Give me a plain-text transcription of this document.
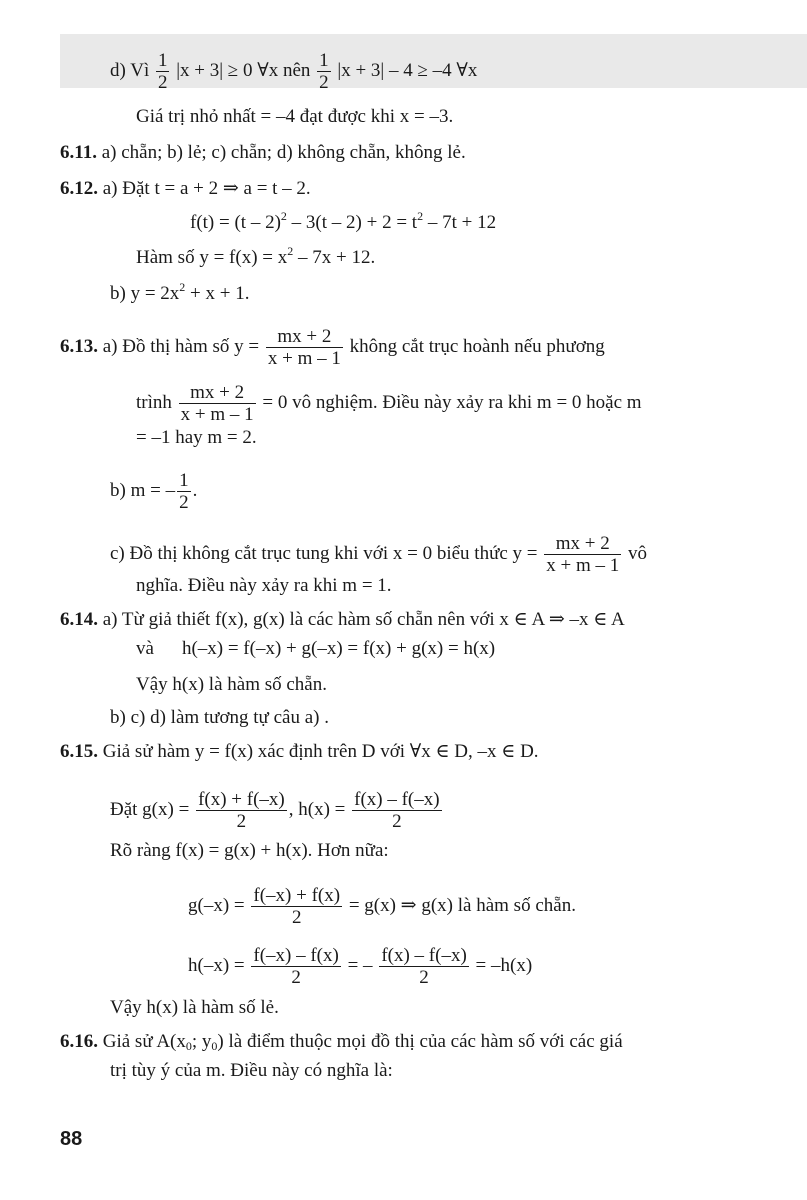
d) Vì $\frac{1}{2} |x + 3| \ge 0$ ∀x nên $\frac{1}{2} |x + 3| - 4 \ge -4$ ∀x
Giá trị nhỏ nhất = –4 đạt được khi x = –3.
6.11. a) chẵn; b) lẻ; c) chẵn; d) không chẵn, không lẻ.
6.12. a) Đặt t = a + 2 ⇒ a = t – 2.
$f(t) = (t - 2)^2 - 3(t - 2) + 2 = t^2 - 7t + 12$
Hàm số $y = f(x) = x^2 - 7x + 12$.
b) $y = 2x^2 + x + 1$.
6.13. a) Đồ thị hàm số $y = \frac{mx + 2}{x + m - 1}$ không cắt trục hoành nếu phương
trình $\frac{mx + 2}{x + m - 1} = 0$ vô nghiệm. Điều này xảy ra khi m = 0 hoặc m
= –1 hay m = 2.
b) m = – $\frac{1}{2}$ .
c) Đồ thị không cắt trục tung khi với x = 0 biểu thức $y = \frac{mx + 2}{x + m - 1}$ vô
nghĩa. Điều này xảy ra khi m = 1.
6.14. a) Từ giả thiết f(x), g(x) là các hàm số chẵn nên với x ∈ A ⇒ –x ∈ A
và h(–x) = f(–x) + g(–x) = f(x) + g(x) = h(x)
Vậy h(x) là hàm số chẵn.
b) c) d) làm tương tự câu a) .
6.15. Giả sử hàm y = f(x) xác định trên D với ∀x ∈ D, –x ∈ D.
Đặt $g(x) = \frac{f(x) + f(-x)}{2}$ , $h(x) = \frac{f(x) - f(-x)}{2}$
Rõ ràng f(x) = g(x) + h(x). Hơn nữa:
$g(-x) = \frac{f(-x) + f(x)}{2} = g(x)$ ⇒ g(x) là hàm số chẵn.
$h(-x) = \frac{f(-x) - f(x)}{2}$ = – $\frac{f(x) - f(-x)}{2} = -h(x)$
Vậy h(x) là hàm số lẻ.
6.16. Giả sử $A(x_0$; $y_0$) là điểm thuộc mọi đồ thị của các hàm số với các giá
trị tùy ý của m. Điều này có nghĩa là:
88
